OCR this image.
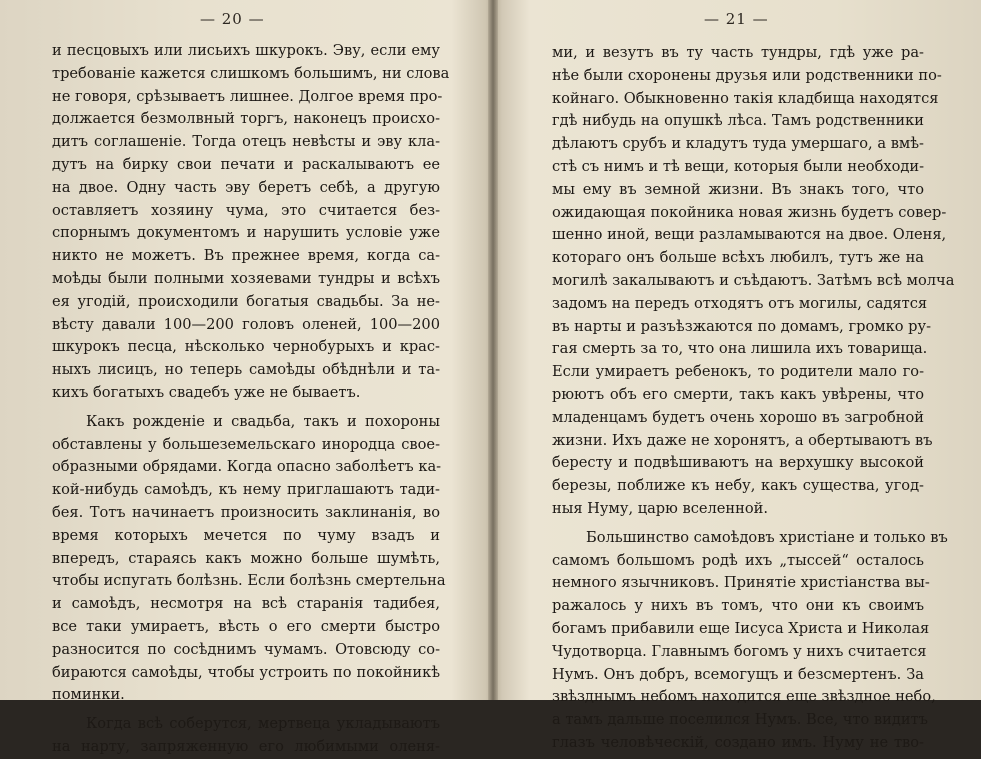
— 20 —
и песцовыхъ или лисьихъ шкурокъ. Эву, если ему
требованіе кажется слишкомъ большимъ, ни слова
не говоря, срѣзываетъ лишнее. Долгое время про-
должается безмолвный торгъ, наконецъ происхо-
дитъ соглашеніе. Тогда отецъ невѣсты и эву кла-
дутъ на бирку свои печати и раскалываютъ ее
на двое. Одну часть эву беретъ себѣ, а другую
оставляетъ хозяину чума, это считается без-
спорнымъ документомъ и нарушить условіе уже
никто не можетъ. Въ прежнее время, когда са-
моѣды были полными хозяевами тундры и всѣхъ
ея угодій, происходили богатыя свадьбы. За не-
вѣсту давали 100—200 головъ оленей, 100—200
шкурокъ песца, нѣсколько чернобурыхъ и крас-
ныхъ лисицъ, но теперь самоѣды обѣднѣли и та-
кихъ богатыхъ свадебъ уже не бываетъ.
Какъ рожденіе и свадьба, такъ и похороны
обставлены у большеземельскаго инородца свое-
образными обрядами. Когда опасно заболѣетъ ка-
кой-нибудь самоѣдъ, къ нему приглашаютъ тади-
бея. Тотъ начинаетъ произносить заклинанія, во
время которыхъ мечется по чуму взадъ и
впередъ, стараясь какъ можно больше шумѣть,
чтобы испугать болѣзнь. Если болѣзнь смертельна
и самоѣдъ, несмотря на всѣ старанія тадибея,
все таки умираетъ, вѣсть о его смерти быстро
разносится по сосѣднимъ чумамъ. Отовсюду со-
бираются самоѣды, чтобы устроить по покойникѣ
поминки.
Когда всѣ соберутся, мертвеца укладываютъ
на нарту, запряженную его любимыми оленя-
— 21 —
ми, и везутъ въ ту часть тундры, гдѣ уже ра-
нѣе были схоронены друзья или родственники по-
койнаго. Обыкновенно такія кладбища находятся
гдѣ нибудь на опушкѣ лѣса. Тамъ родственники
дѣлаютъ срубъ и кладутъ туда умершаго, а вмѣ-
стѣ съ нимъ и тѣ вещи, которыя были необходи-
мы ему въ земной жизни. Въ знакъ того, что
ожидающая покойника новая жизнь будетъ совер-
шенно иной, вещи разламываются на двое. Оленя,
котораго онъ больше всѣхъ любилъ, тутъ же на
могилѣ закалываютъ и съѣдаютъ. Затѣмъ всѣ молча
задомъ на передъ отходятъ отъ могилы, садятся
въ нарты и разъѣзжаются по домамъ, громко ру-
гая смерть за то, что она лишила ихъ товарища.
Если умираетъ ребенокъ, то родители мало го-
рюютъ объ его смерти, такъ какъ увѣрены, что
младенцамъ будетъ очень хорошо въ загробной
жизни. Ихъ даже не хоронятъ, а обертываютъ въ
бересту и подвѣшиваютъ на верхушку высокой
березы, поближе къ небу, какъ существа, угод-
ныя Нуму, царю вселенной.
Большинство самоѣдовъ христіане и только въ
самомъ большомъ родѣ ихъ „тыссей“ осталось
немного язычниковъ. Принятіе христіанства вы-
ражалось у нихъ въ томъ, что они къ своимъ
богамъ прибавили еще Іисуса Христа и Николая
Чудотворца. Главнымъ богомъ у нихъ считается
Нумъ. Онъ добръ, всемогущъ и безсмертенъ. За
звѣзднымъ небомъ находится еще звѣздное небо,
а тамъ дальше поселился Нумъ. Все, что видитъ
глазъ человѣческій, создано имъ. Нуму не тво-
